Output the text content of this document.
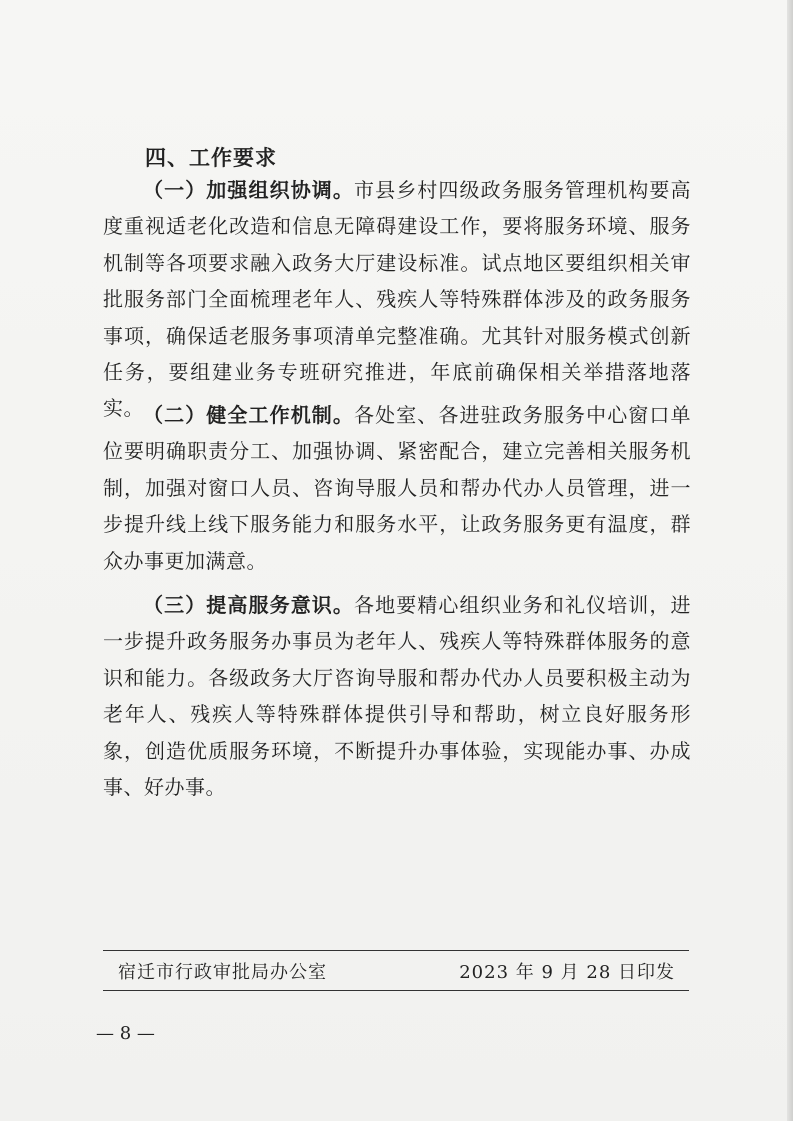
四、工作要求
（一）加强组织协调。市县乡村四级政务服务管理机构要高度重视适老化改造和信息无障碍建设工作，要将服务环境、服务机制等各项要求融入政务大厅建设标准。试点地区要组织相关审批服务部门全面梳理老年人、残疾人等特殊群体涉及的政务服务事项，确保适老服务事项清单完整准确。尤其针对服务模式创新任务，要组建业务专班研究推进，年底前确保相关举措落地落实。 （二）健全工作机制。各处室、各进驻政务服务中心窗口单位要明确职责分工、加强协调、紧密配合，建立完善相关服务机制，加强对窗口人员、咨询导服人员和帮办代办人员管理，进一步提升线上线下服务能力和服务水平，让政务服务更有温度，群众办事更加满意。
（三）提高服务意识。各地要精心组织业务和礼仪培训，进一步提升政务服务办事员为老年人、残疾人等特殊群体服务的意识和能力。各级政务大厅咨询导服和帮办代办人员要积极主动为老年人、残疾人等特殊群体提供引导和帮助，树立良好服务形象，创造优质服务环境，不断提升办事体验，实现能办事、办成事、好办事。
宿迁市行政审批局办公室	2023 年 9 月 28 日印发
— 8 —
